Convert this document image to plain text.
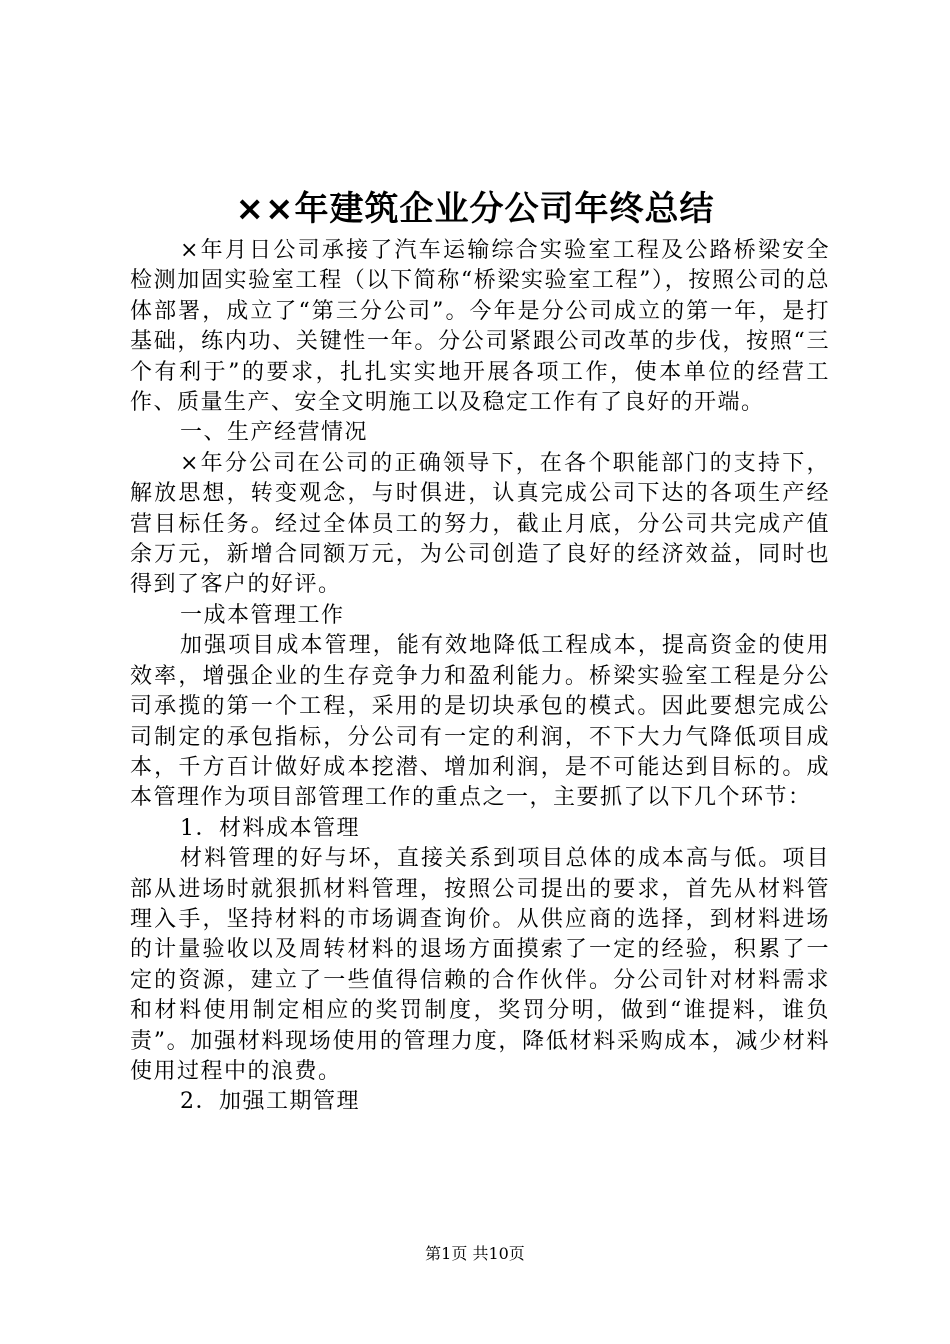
××年建筑企业分公司年终总结

×年月日公司承接了汽车运输综合实验室工程及公路桥梁安全检测加固实验室工程（以下简称“桥梁实验室工程”），按照公司的总体部署，成立了“第三分公司”。今年是分公司成立的第一年，是打基础，练内功、关键性一年。分公司紧跟公司改革的步伐，按照“三个有利于”的要求，扎扎实实地开展各项工作，使本单位的经营工作、质量生产、安全文明施工以及稳定工作有了良好的开端。

一、生产经营情况

×年分公司在公司的正确领导下，在各个职能部门的支持下，解放思想，转变观念，与时俱进，认真完成公司下达的各项生产经营目标任务。经过全体员工的努力，截止月底，分公司共完成产值余万元，新增合同额万元，为公司创造了良好的经济效益，同时也得到了客户的好评。

一成本管理工作

加强项目成本管理，能有效地降低工程成本，提高资金的使用效率，增强企业的生存竞争力和盈利能力。桥梁实验室工程是分公司承揽的第一个工程，采用的是切块承包的模式。因此要想完成公司制定的承包指标，分公司有一定的利润，不下大力气降低项目成本，千方百计做好成本挖潜、增加利润，是不可能达到目标的。成本管理作为项目部管理工作的重点之一，主要抓了以下几个环节：

1．材料成本管理

材料管理的好与坏，直接关系到项目总体的成本高与低。项目部从进场时就狠抓材料管理，按照公司提出的要求，首先从材料管理入手，坚持材料的市场调查询价。从供应商的选择，到材料进场的计量验收以及周转材料的退场方面摸索了一定的经验，积累了一定的资源，建立了一些值得信赖的合作伙伴。分公司针对材料需求和材料使用制定相应的奖罚制度，奖罚分明，做到“谁提料，谁负责”。加强材料现场使用的管理力度，降低材料采购成本，减少材料使用过程中的浪费。

2．加强工期管理

第1页 共10页
